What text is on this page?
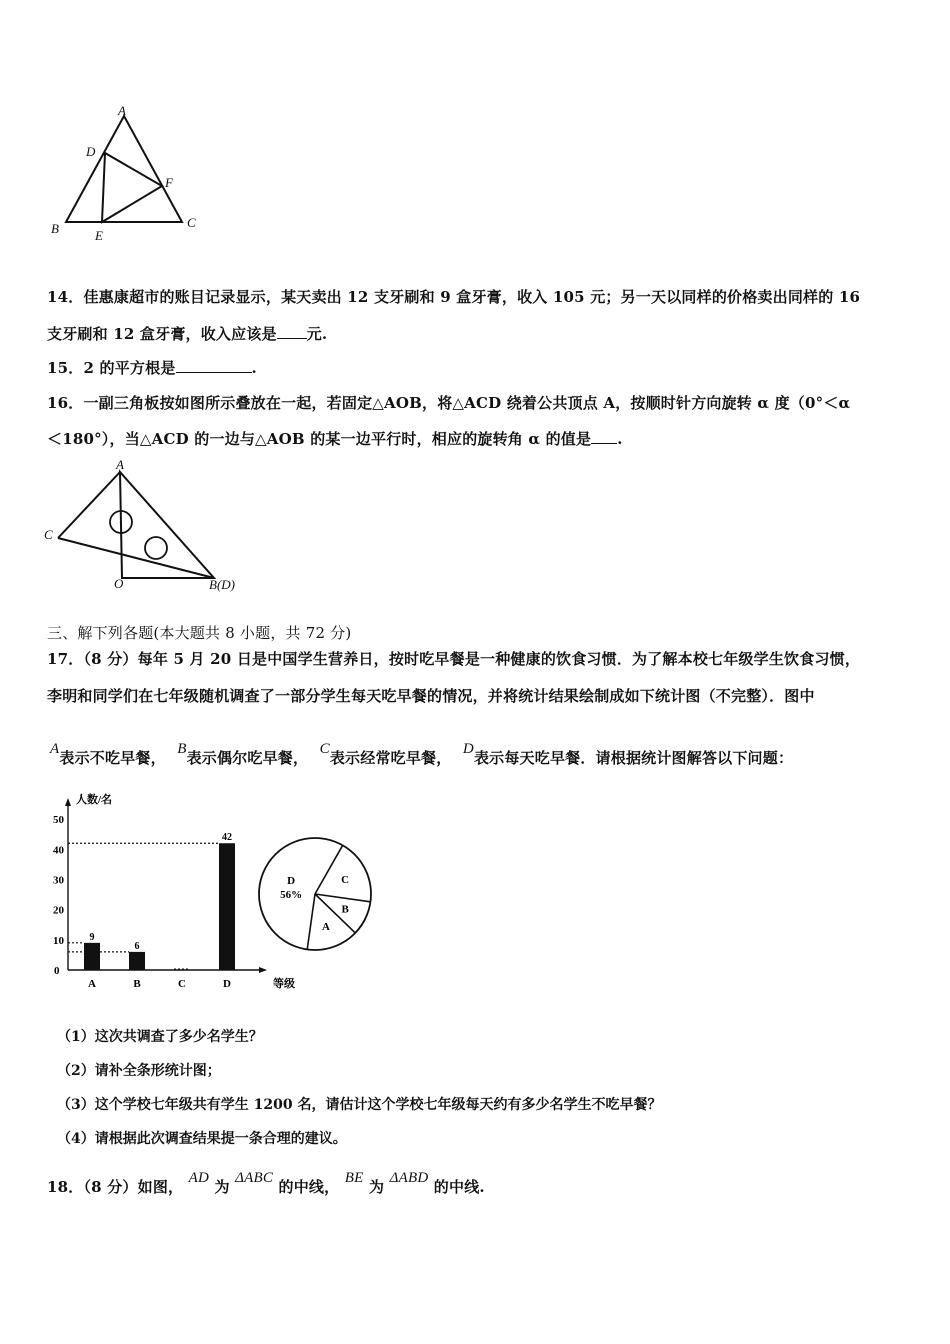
A
D
F
B	E
C
14．佳惠康超市的账目记录显示，某天卖出 12 支牙刷和 9 盒牙膏，收入 105 元；另一天以同样的价格卖出同样的 16
支牙刷和 12 盒牙膏，收入应该是 元.
15．2 的平方根是	.
16．一副三角板按如图所示叠放在一起，若固定△AOB，将△ACD 绕着公共顶点 A，按顺时针方向旋转 α 度（0°＜α
＜180°），当△ACD 的一边与△AOB 的某一边平行时，相应的旋转角 α 的值是 .
A
C
O	B(D)
三、解下列各题(本大题共 8 小题，共 72 分)
17．（8 分）每年 5 月 20 日是中国学生营养日，按时吃早餐是一种健康的饮食习惯．为了解本校七年级学生饮食习惯，
李明和同学们在七年级随机调查了一部分学生每天吃早餐的情况，并将统计结果绘制成如下统计图（不完整）．图中
A表示不吃早餐， B表示偶尔吃早餐， C表示经常吃早餐， D表示每天吃早餐．请根据统计图解答以下问题：
人数/名
等级
0
10
20
30
40
50
A
9
B
6
C	D
42
D
56%
C
B
A
（1）这次共调查了多少名学生？
（2）请补全条形统计图；
（3）这个学校七年级共有学生 1200 名，请估计这个学校七年级每天约有多少名学生不吃早餐？
（4）请根据此次调查结果提一条合理的建议。
18．（8 分）如图， AD 为 ΔABC 的中线， BE 为 ΔABD 的中线.
